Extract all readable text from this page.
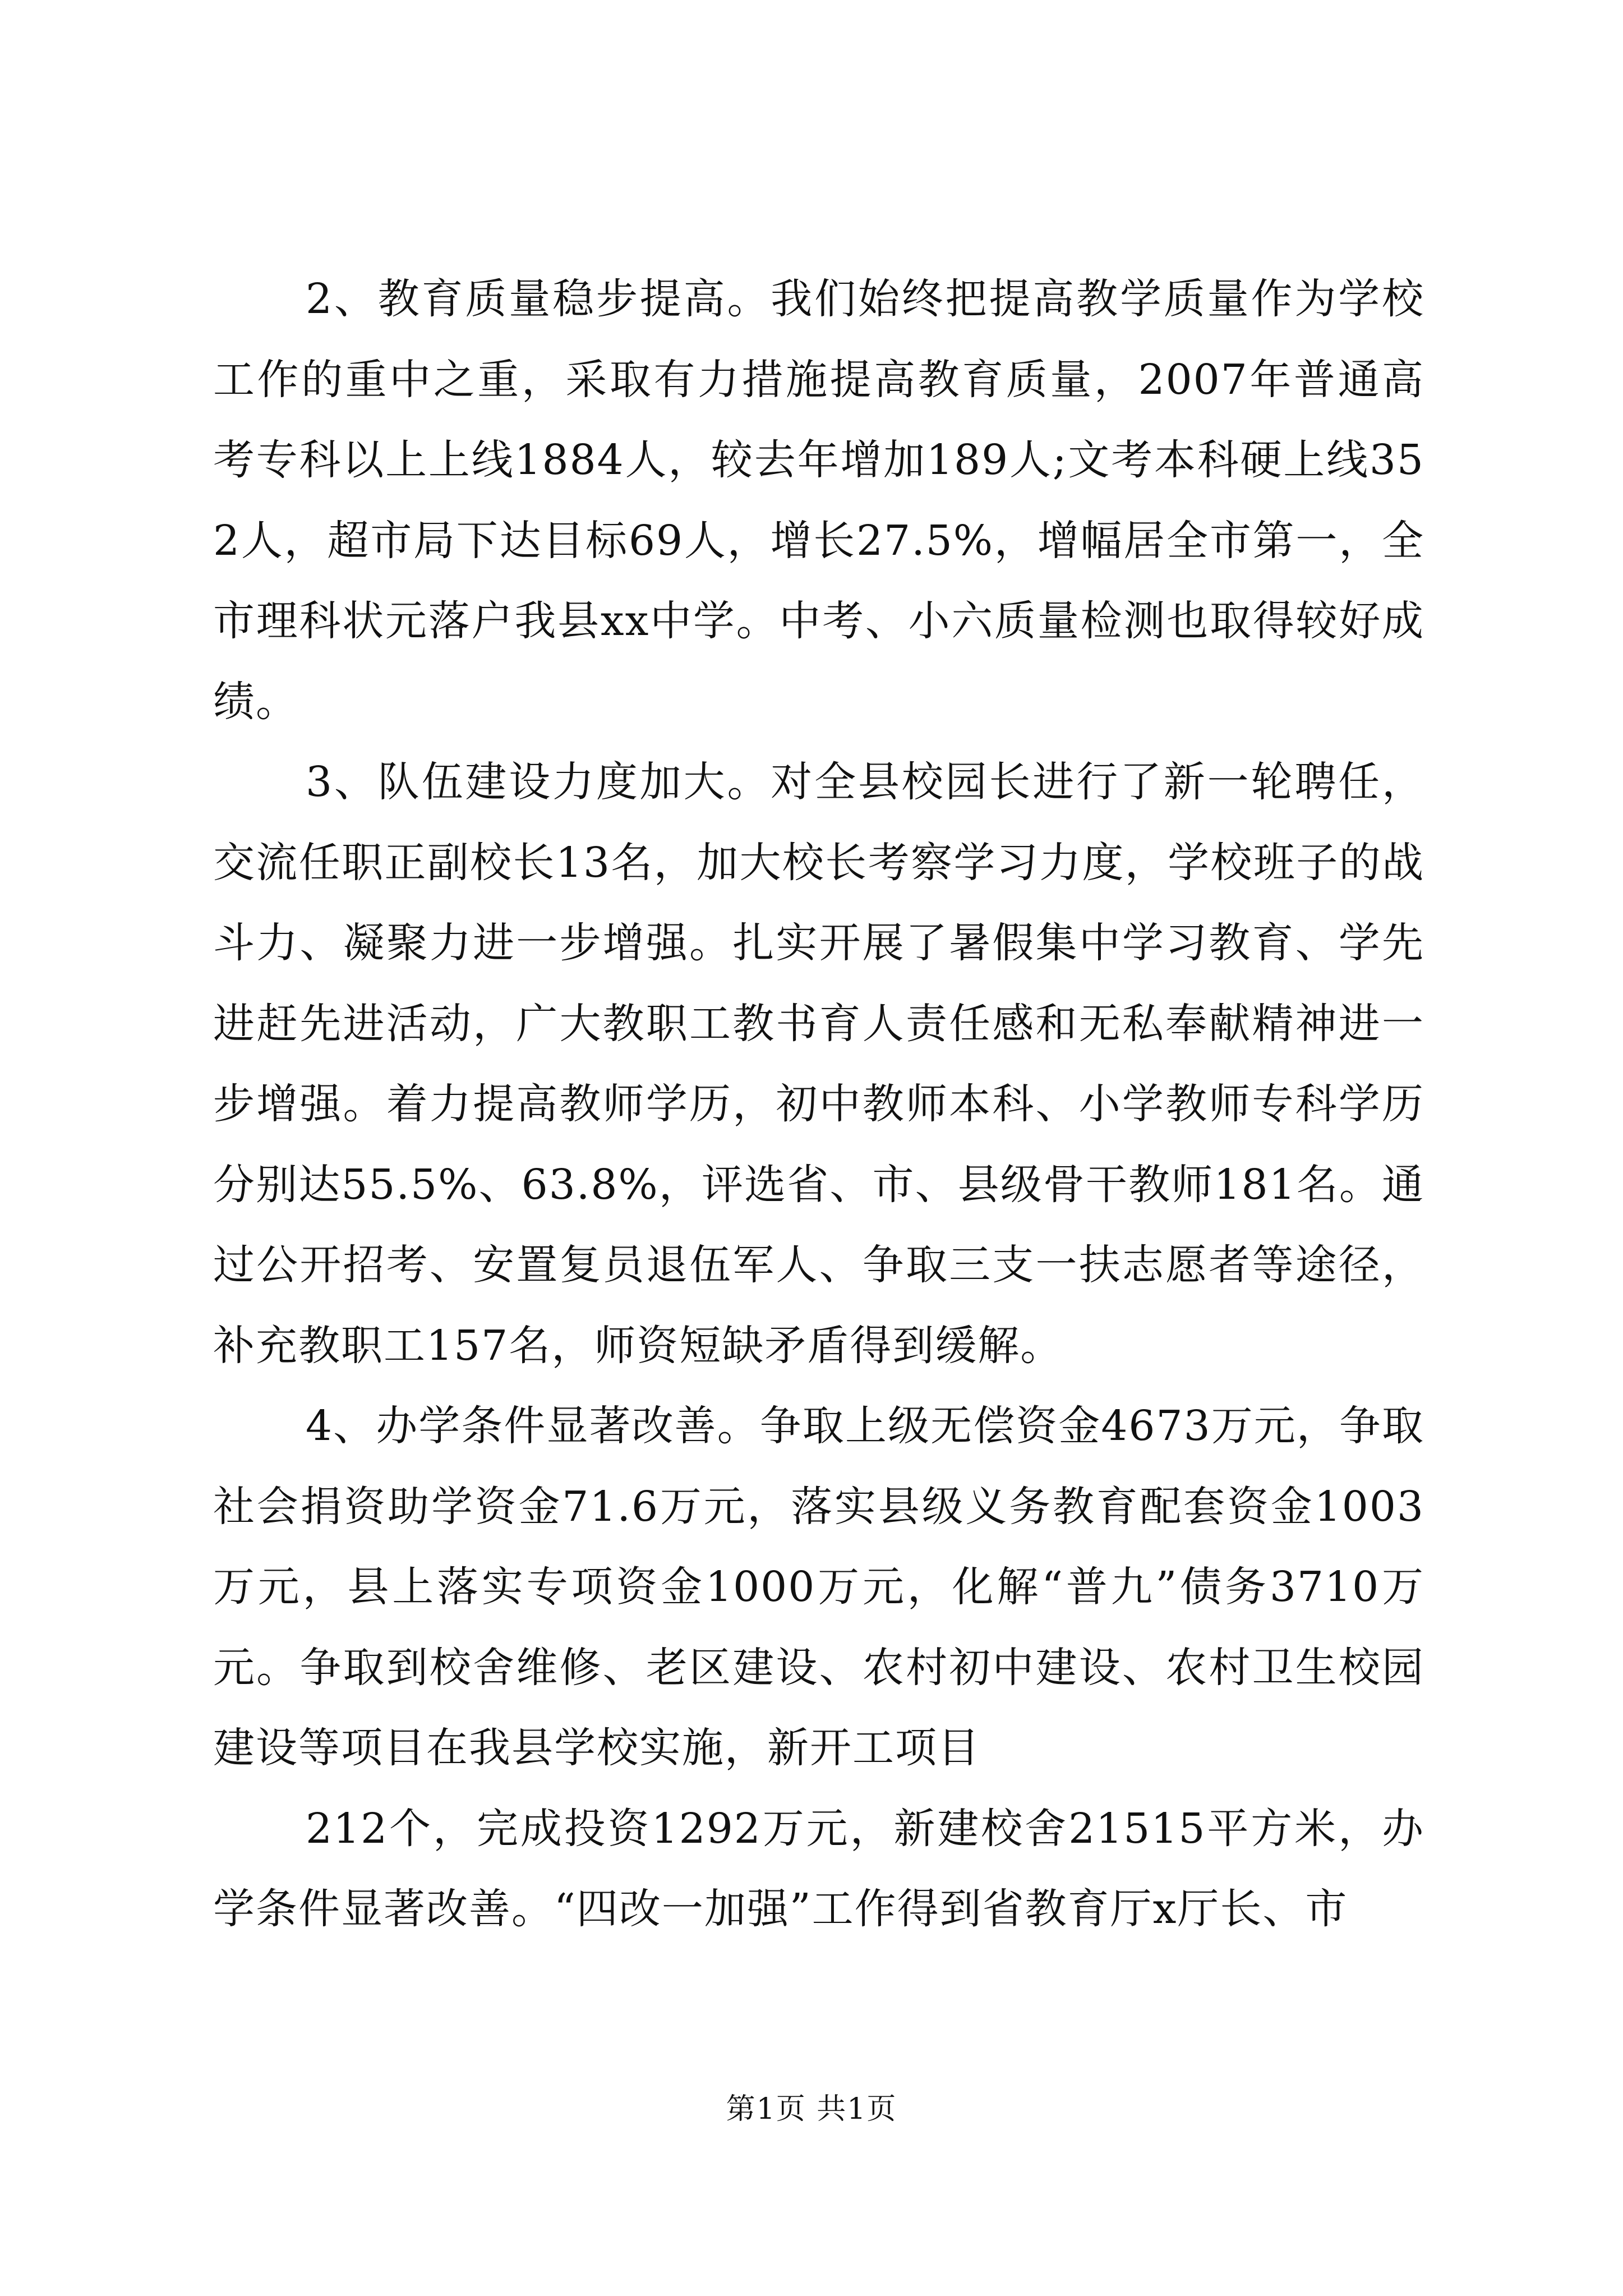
2、教育质量稳步提高。我们始终把提高教学质量作为学校工作的重中之重，采取有力措施提高教育质量，2007年普通高考专科以上上线1884人，较去年增加189人;文考本科硬上线352人，超市局下达目标69人，增长27.5%，增幅居全市第一，全市理科状元落户我县xx中学。中考、小六质量检测也取得较好成绩。

3、队伍建设力度加大。对全县校园长进行了新一轮聘任，交流任职正副校长13名，加大校长考察学习力度，学校班子的战斗力、凝聚力进一步增强。扎实开展了暑假集中学习教育、学先进赶先进活动，广大教职工教书育人责任感和无私奉献精神进一步增强。着力提高教师学历，初中教师本科、小学教师专科学历分别达55.5%、63.8%，评选省、市、县级骨干教师181名。通过公开招考、安置复员退伍军人、争取三支一扶志愿者等途径，补充教职工157名，师资短缺矛盾得到缓解。

4、办学条件显著改善。争取上级无偿资金4673万元，争取社会捐资助学资金71.6万元，落实县级义务教育配套资金1003万元，县上落实专项资金1000万元，化解“普九”债务3710万元。争取到校舍维修、老区建设、农村初中建设、农村卫生校园建设等项目在我县学校实施，新开工项目

212个，完成投资1292万元，新建校舍21515平方米，办学条件显著改善。“四改一加强”工作得到省教育厅x厅长、市

第1页 共1页
